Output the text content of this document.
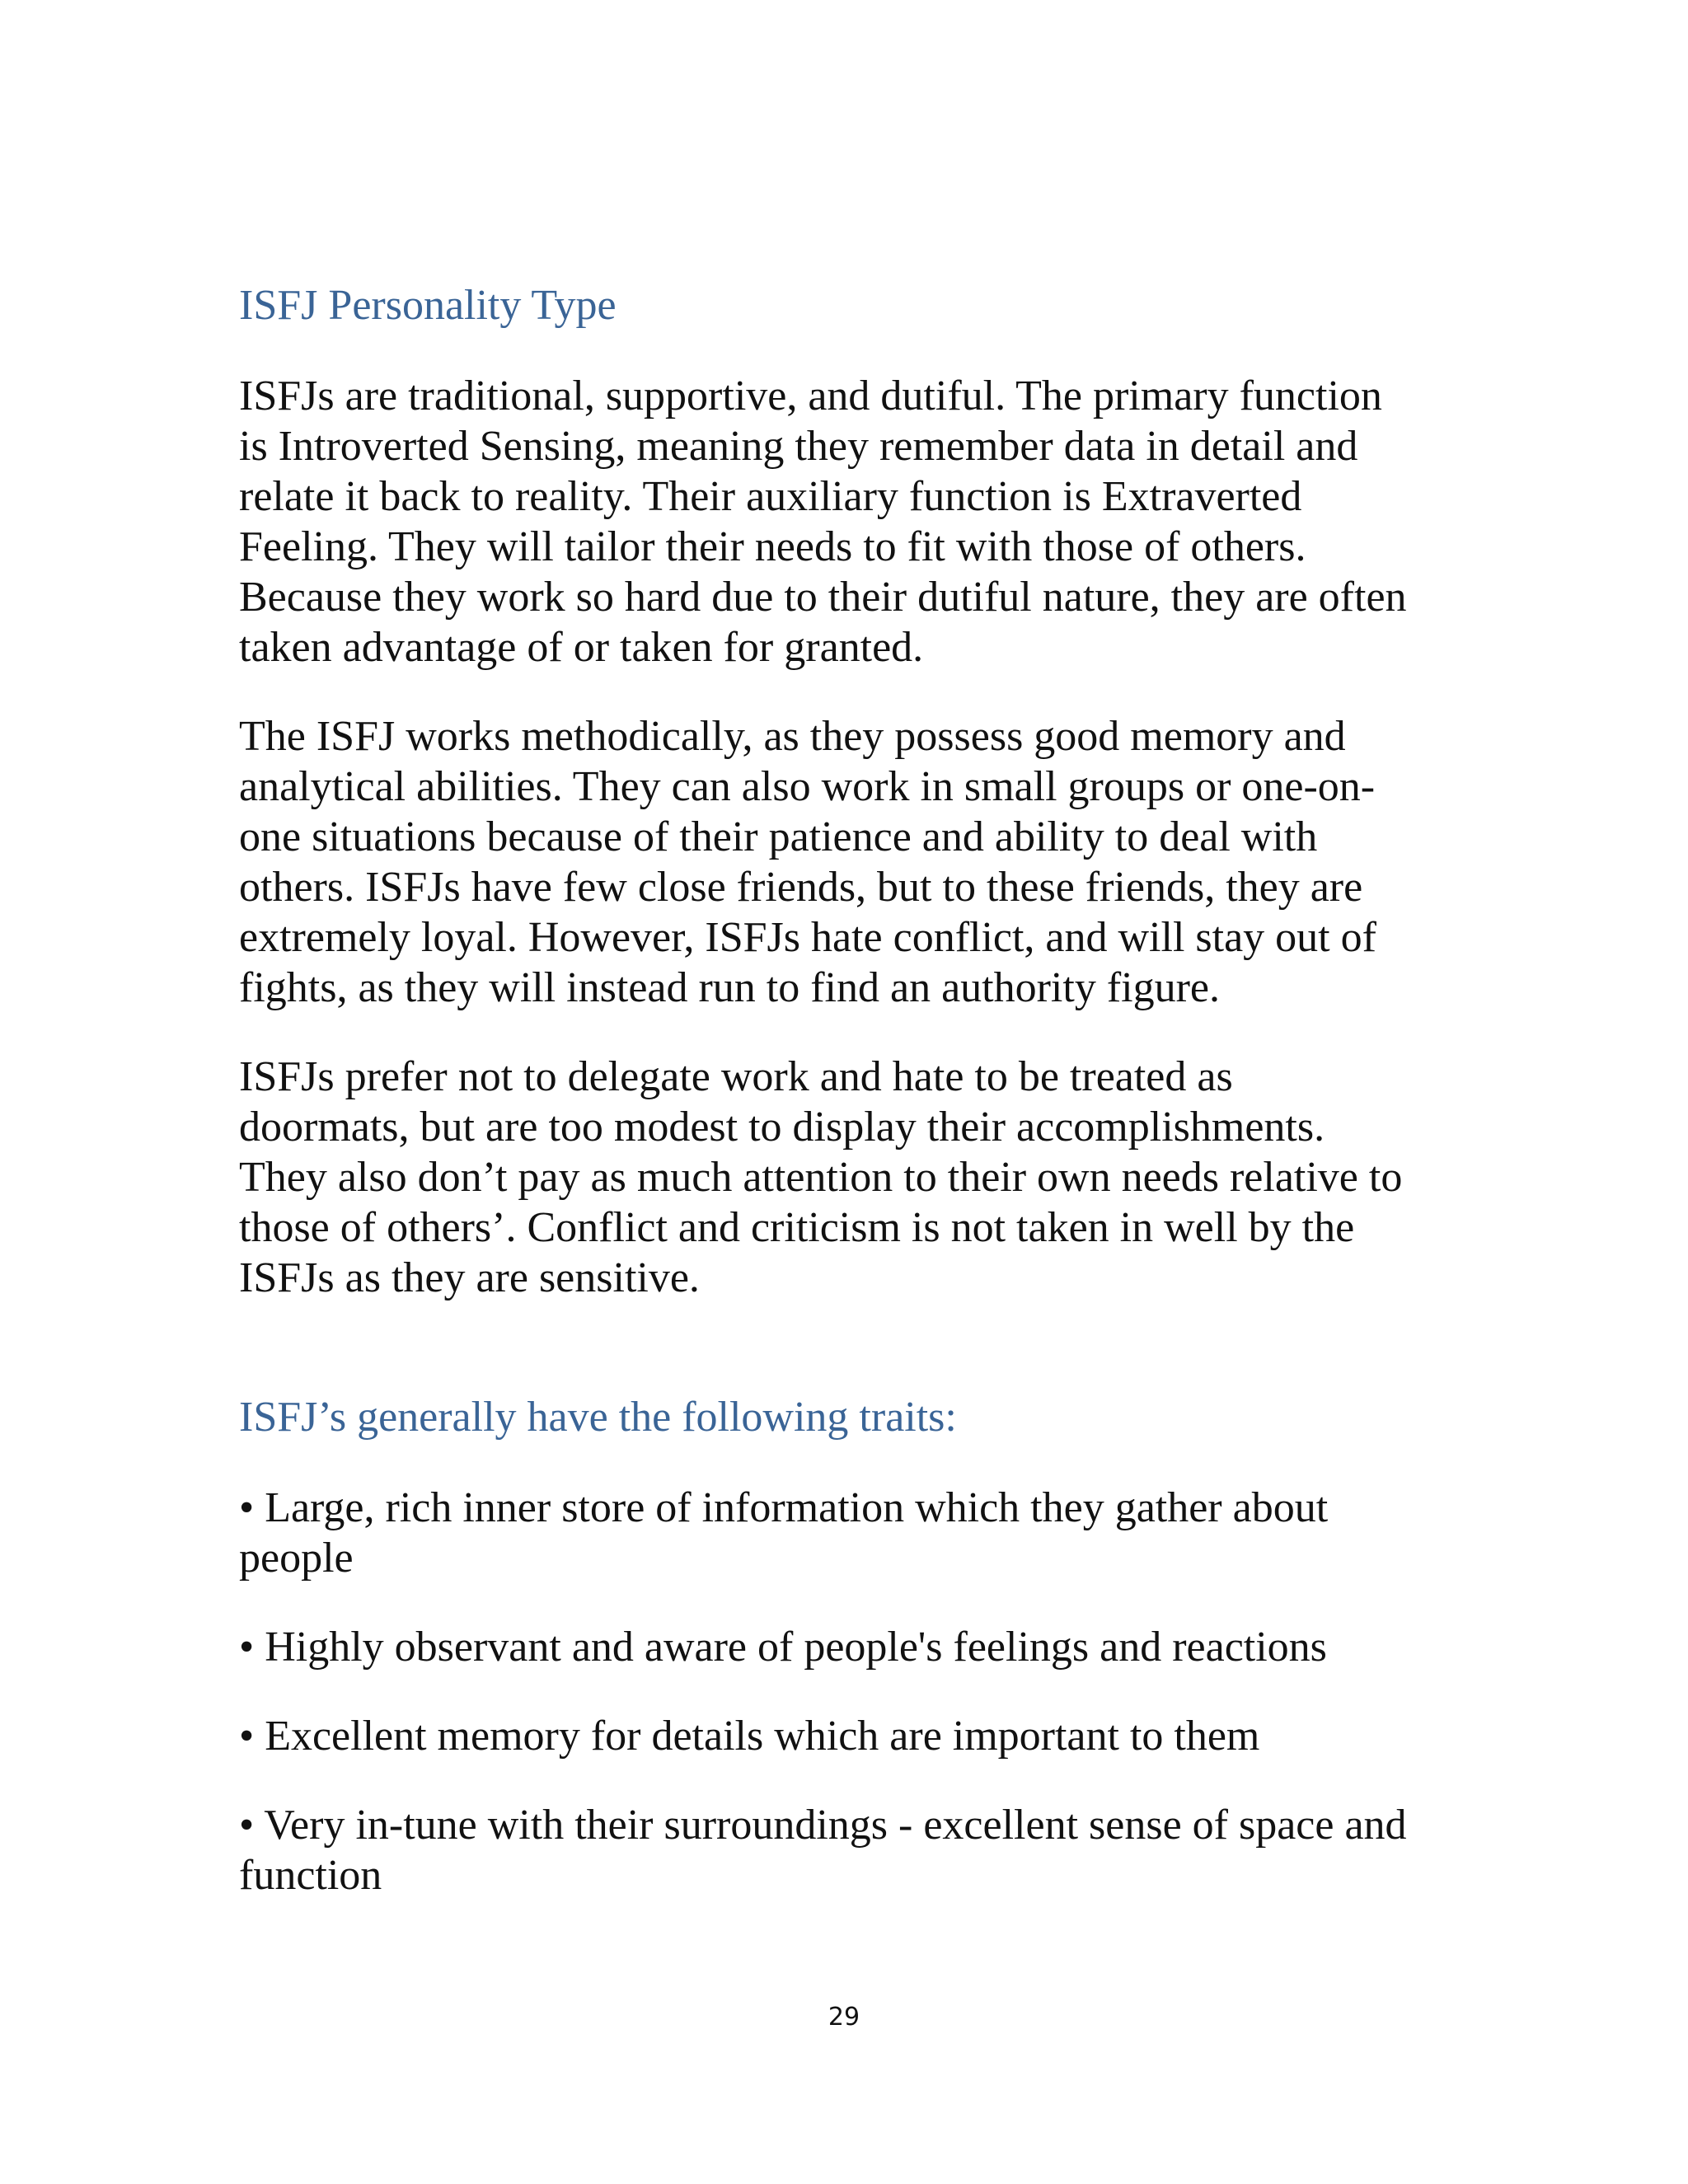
ISFJ Personality Type

ISFJs are traditional, supportive, and dutiful. The primary function
is Introverted Sensing, meaning they remember data in detail and
relate it back to reality. Their auxiliary function is Extraverted
Feeling. They will tailor their needs to fit with those of others.
Because they work so hard due to their dutiful nature, they are often
taken advantage of or taken for granted.

The ISFJ works methodically, as they possess good memory and
analytical abilities. They can also work in small groups or one-on-
one situations because of their patience and ability to deal with
others. ISFJs have few close friends, but to these friends, they are
extremely loyal. However, ISFJs hate conflict, and will stay out of
fights, as they will instead run to find an authority figure.

ISFJs prefer not to delegate work and hate to be treated as
doormats, but are too modest to display their accomplishments.
They also don’t pay as much attention to their own needs relative to
those of others’. Conflict and criticism is not taken in well by the
ISFJs as they are sensitive.

ISFJ’s generally have the following traits:

• Large, rich inner store of information which they gather about
people

• Highly observant and aware of people's feelings and reactions

• Excellent memory for details which are important to them

• Very in-tune with their surroundings - excellent sense of space and
function

29
